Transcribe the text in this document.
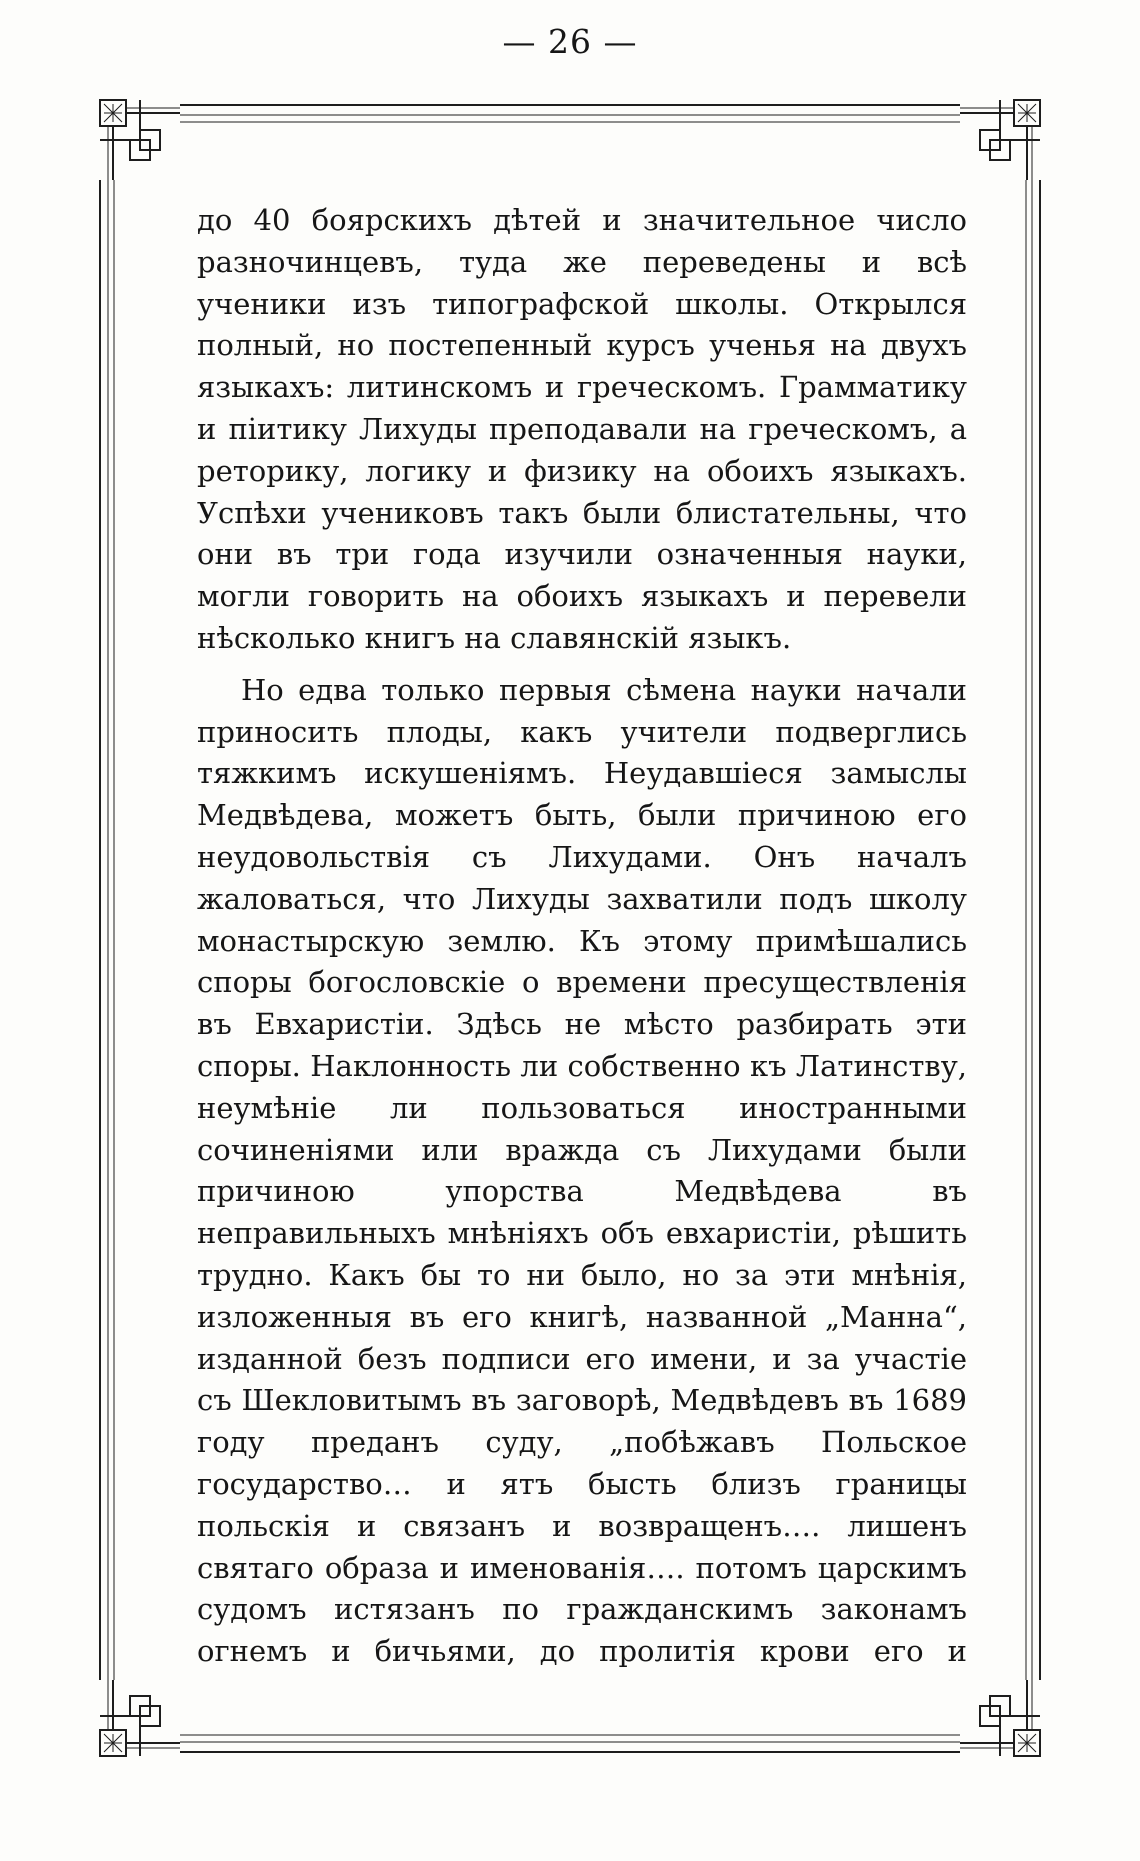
— 26 —

до 40 боярскихъ дѣтей и значительное число разночинцевъ, туда же переведены и всѣ ученики изъ типографской школы. Открылся полный, но постепенный курсъ ученья на двухъ языкахъ: литинскомъ и греческомъ. Грамматику и пiитику Лихуды преподавали на греческомъ, а реторику, логику и физику на обоихъ языкахъ. Успѣхи учениковъ такъ были блистательны, что они въ три года изучили означенныя науки, могли говорить на обоихъ языкахъ и перевели нѣсколько книгъ на славянскiй языкъ.

Но едва только первыя сѣмена науки начали приносить плоды, какъ учители подверглись тяжкимъ искушенiямъ. Неудавшiеся замыслы Медвѣдева, можетъ быть, были причиною его неудовольствiя съ Лихудами. Онъ началъ жаловаться, что Лихуды захватили подъ школу монастырскую землю. Къ этому примѣшались споры богословскiе о времени пресуществленiя въ Евхаристiи. Здѣсь не мѣсто разбирать эти споры. Наклонность ли собственно къ Латинству, неумѣнiе ли пользоваться иностранными сочиненiями или вражда съ Лихудами были причиною упорства Медвѣдева въ неправильныхъ мнѣнiяхъ объ евхаристiи, рѣшить трудно. Какъ бы то ни было, но за эти мнѣнiя, изложенныя въ его книгѣ, названной „Манна“, изданной безъ подписи его имени, и за участiе съ Шекловитымъ въ заговорѣ, Медвѣдевъ въ 1689 году преданъ суду, „побѣжавъ Польское государство… и ятъ бысть близъ границы польскiя и связанъ и возвращенъ…. лишенъ святаго образа и именованiя…. потомъ царскимъ судомъ истязанъ по гражданскимъ законамъ огнемъ и бичьями, до пролитiя крови его и
